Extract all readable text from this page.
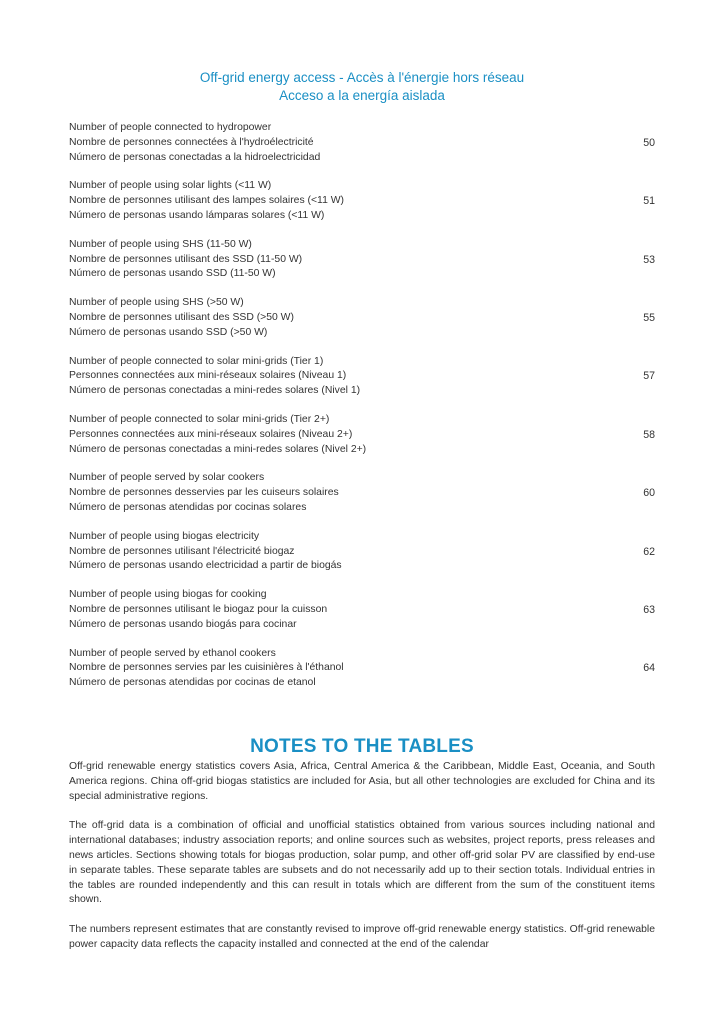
Off-grid energy access - Accès à l'énergie hors réseau
Acceso a la energía aislada
Number of people connected to hydropower
Nombre de personnes connectées à l'hydroélectricité
Número de personas conectadas a la hidroelectricidad
50
Number of people using solar lights (<11 W)
Nombre de personnes utilisant des lampes solaires (<11 W)
Número de personas usando lámparas solares (<11 W)
51
Number of people using SHS (11-50 W)
Nombre de personnes utilisant des SSD (11-50 W)
Número de personas usando SSD (11-50 W)
53
Number of people using SHS (>50 W)
Nombre de personnes utilisant des SSD (>50 W)
Número de personas usando SSD (>50 W)
55
Number of people connected to solar mini-grids (Tier 1)
Personnes connectées aux mini-réseaux solaires (Niveau 1)
Número de personas conectadas a mini-redes solares (Nivel 1)
57
Number of people connected to solar mini-grids (Tier 2+)
Personnes connectées aux mini-réseaux solaires (Niveau 2+)
Número de personas conectadas a mini-redes solares (Nivel 2+)
58
Number of people served by solar cookers
Nombre de personnes desservies par les cuiseurs solaires
Número de personas atendidas por cocinas solares
60
Number of people using biogas electricity
Nombre de personnes utilisant l'électricité biogaz
Número de personas usando electricidad a partir de biogás
62
Number of people using biogas for cooking
Nombre de personnes utilisant le biogaz pour la cuisson
Número de personas usando biogás para cocinar
63
Number of people served by ethanol cookers
Nombre de personnes servies par les cuisinières à l'éthanol
Número de personas atendidas por cocinas de etanol
64
NOTES TO THE TABLES

Off-grid renewable energy statistics covers Asia, Africa, Central America & the Caribbean, Middle East, Oceania, and South America regions. China off-grid biogas statistics are included for Asia, but all other technologies are excluded for China and its special administrative regions.

The off-grid data is a combination of official and unofficial statistics obtained from various sources including national and international databases; industry association reports; and online sources such as websites, project reports, press releases and news articles. Sections showing totals for biogas production, solar pump, and other off-grid solar PV are classified by end-use in separate tables. These separate tables are subsets and do not necessarily add up to their section totals. Individual entries in the tables are rounded independently and this can result in totals which are different from the sum of the constituent items shown.

The numbers represent estimates that are constantly revised to improve off-grid renewable energy statistics. Off-grid renewable power capacity data reflects the capacity installed and connected at the end of the calendar
